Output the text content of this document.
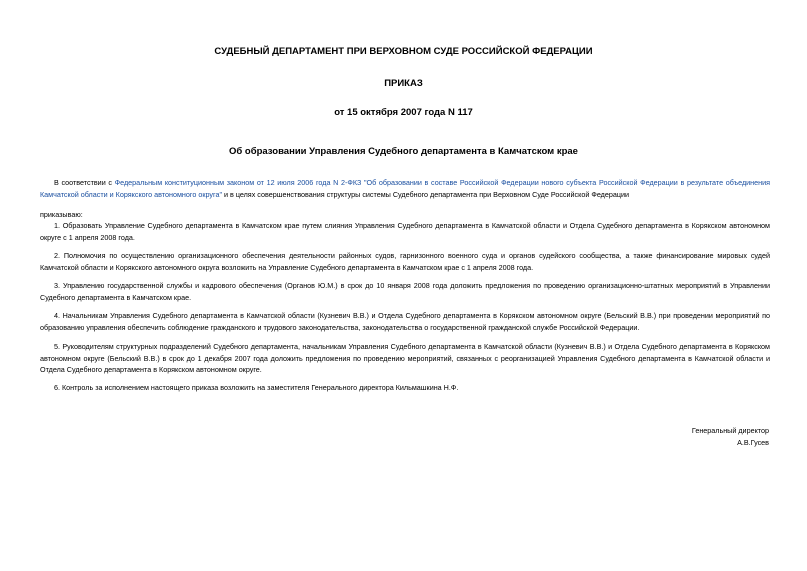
СУДЕБНЫЙ ДЕПАРТАМЕНТ ПРИ ВЕРХОВНОМ СУДЕ РОССИЙСКОЙ ФЕДЕРАЦИИ
ПРИКАЗ
от 15 октября 2007 года N 117
Об образовании Управления Судебного департамента в Камчатском крае

В соответствии с Федеральным конституционным законом от 12 июля 2006 года N 2-ФКЗ "Об образовании в составе Российской Федерации нового субъекта Российской Федерации в результате объединения Камчатской области и Корякского автономного округа" и в целях совершенствования структуры системы Судебного департамента при Верховном Суде Российской Федерации

приказываю:

1. Образовать Управление Судебного департамента в Камчатском крае путем слияния Управления Судебного департамента в Камчатской области и Отдела Судебного департамента в Корякском автономном округе с 1 апреля 2008 года.

2. Полномочия по осуществлению организационного обеспечения деятельности районных судов, гарнизонного военного суда и органов судейского сообщества, а также финансирование мировых судей Камчатской области и Корякского автономного округа возложить на Управление Судебного департамента в Камчатском крае с 1 апреля 2008 года.

3. Управлению государственной службы и кадрового обеспечения (Органов Ю.М.) в срок до 10 января 2008 года доложить предложения по проведению организационно-штатных мероприятий в Управлении Судебного департамента в Камчатском крае.

4. Начальникам Управления Судебного департамента в Камчатской области (Кузневич В.В.) и Отдела Судебного департамента в Корякском автономном округе (Бельский В.В.) при проведении мероприятий по образованию управления обеспечить соблюдение гражданского и трудового законодательства, законодательства о государственной гражданской службе Российской Федерации.

5. Руководителям структурных подразделений Судебного департамента, начальникам Управления Судебного департамента в Камчатской области (Кузневич В.В.) и Отдела Судебного департамента в Корякском автономном округе (Бельский В.В.) в срок до 1 декабря 2007 года доложить предложения по проведению мероприятий, связанных с реорганизацией Управления Судебного департамента в Камчатской области и Отдела Судебного департамента в Корякском автономном округе.

6. Контроль за исполнением настоящего приказа возложить на заместителя Генерального директора Кильмашкина Н.Ф.

Генеральный директор
А.В.Гусев
